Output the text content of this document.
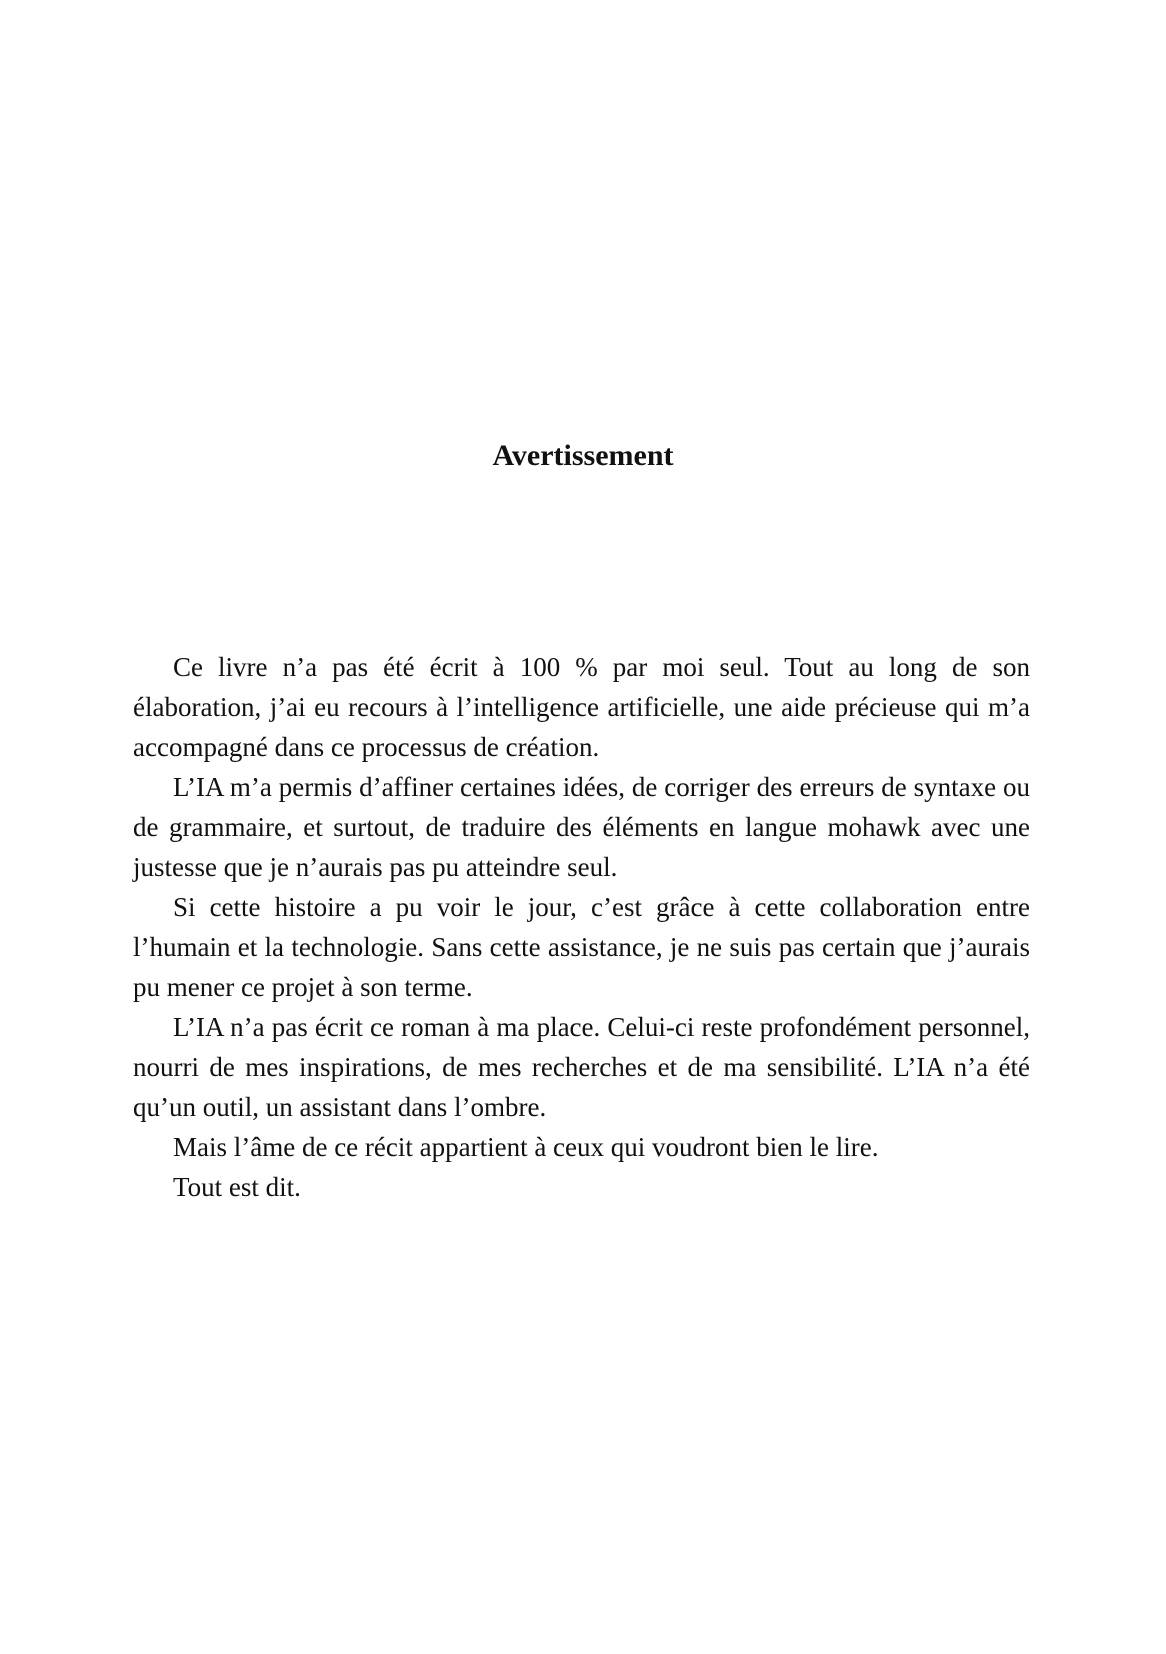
Avertissement

Ce livre n’a pas été écrit à 100 % par moi seul. Tout au long de son élaboration, j’ai eu recours à l’intelligence artificielle, une aide précieuse qui m’a accompagné dans ce processus de création.

L’IA m’a permis d’affiner certaines idées, de corriger des erreurs de syntaxe ou de grammaire, et surtout, de traduire des éléments en langue mohawk avec une justesse que je n’aurais pas pu atteindre seul.

Si cette histoire a pu voir le jour, c’est grâce à cette collaboration entre l’humain et la technologie. Sans cette assistance, je ne suis pas certain que j’aurais pu mener ce projet à son terme.

L’IA n’a pas écrit ce roman à ma place. Celui-ci reste profondément personnel, nourri de mes inspirations, de mes recherches et de ma sensibilité. L’IA n’a été qu’un outil, un assistant dans l’ombre.

Mais l’âme de ce récit appartient à ceux qui voudront bien le lire.

Tout est dit.
